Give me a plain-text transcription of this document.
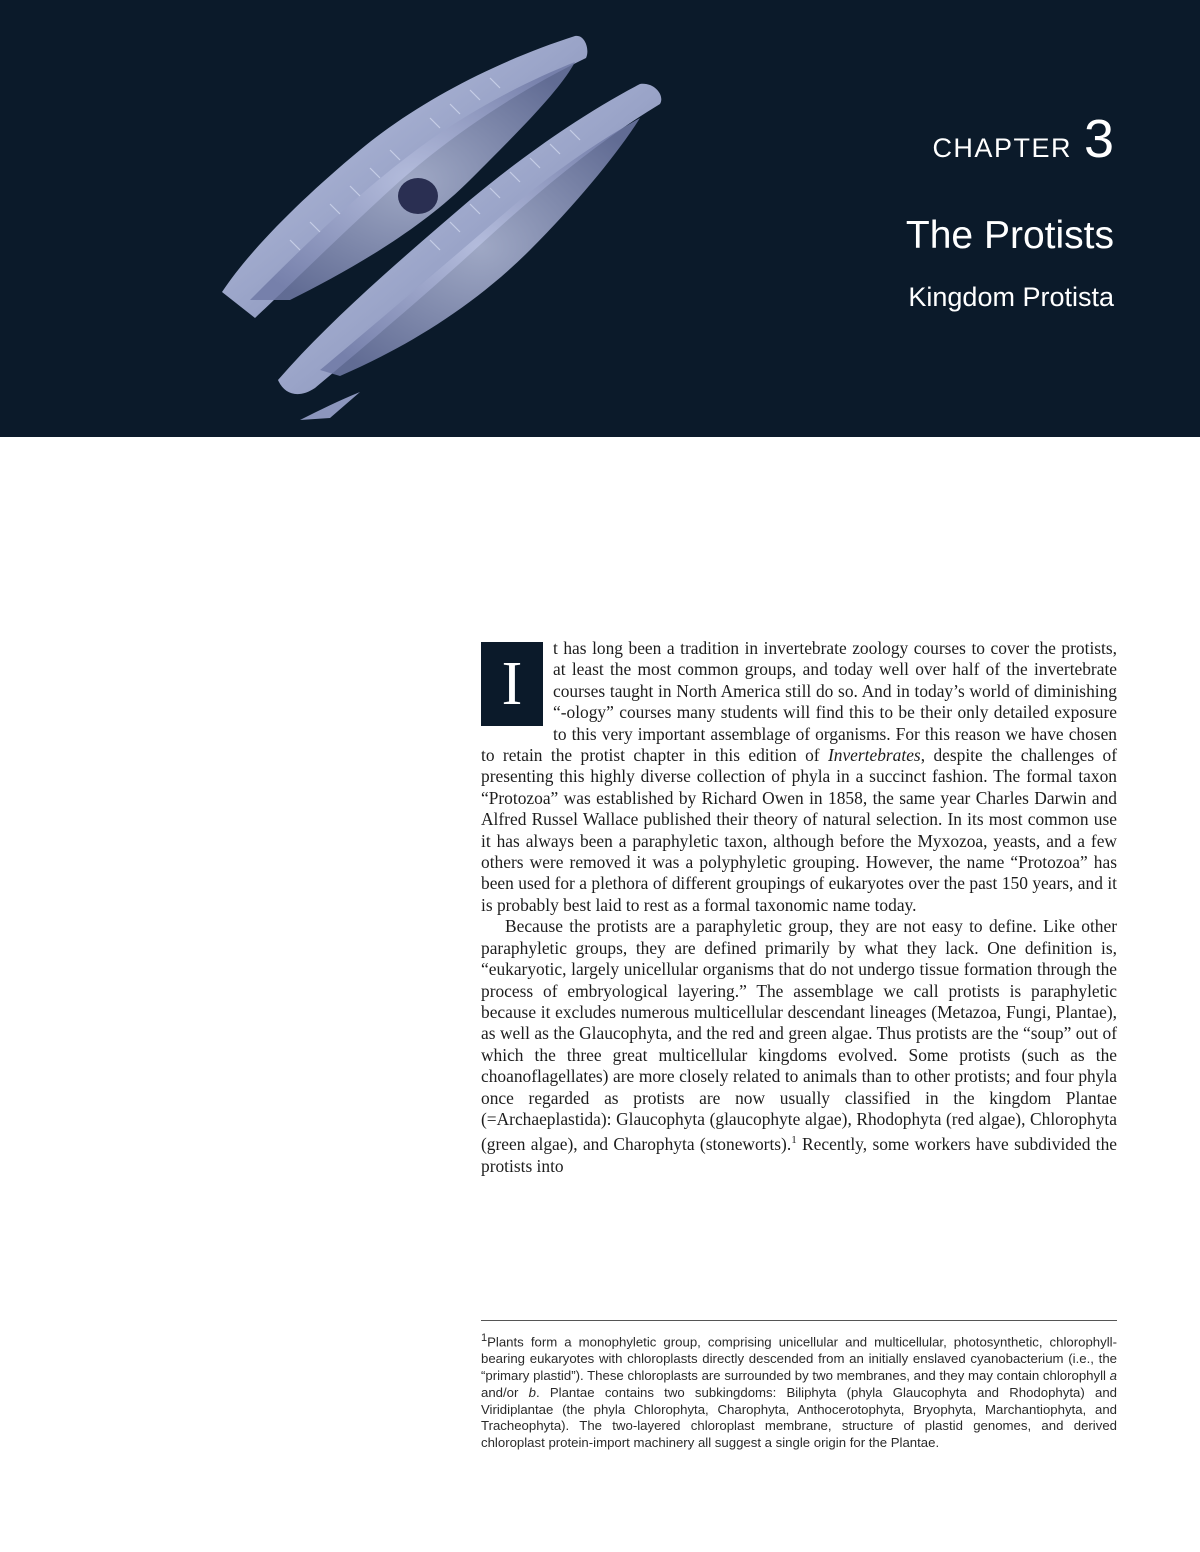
CHAPTER 3
The Protists
Kingdom Protista

I
t has long been a tradition in invertebrate zoology courses to cover the protists, at least the most common groups, and today well over half of the invertebrate courses taught in North America still do so. And in today’s world of diminishing “-ology” courses many students will find this to be their only detailed exposure to this very important assemblage of organisms. For this reason we have chosen to retain the protist chapter in this edition of Invertebrates, despite the challenges of presenting this highly diverse collection of phyla in a succinct fashion. The formal taxon “Protozoa” was established by Richard Owen in 1858, the same year Charles Darwin and Alfred Russel Wallace published their theory of natural selection. In its most common use it has always been a paraphyletic taxon, although before the Myxozoa, yeasts, and a few others were removed it was a polyphyletic grouping. However, the name “Protozoa” has been used for a plethora of different groupings of eukaryotes over the past 150 years, and it is probably best laid to rest as a formal taxonomic name today.

Because the protists are a paraphyletic group, they are not easy to define. Like other paraphyletic groups, they are defined primarily by what they lack. One definition is, “eukaryotic, largely unicellular organisms that do not undergo tissue formation through the process of embryological layering.” The assemblage we call protists is paraphyletic because it excludes numerous multicellular descendant lineages (Metazoa, Fungi, Plantae), as well as the Glaucophyta, and the red and green algae. Thus protists are the “soup” out of which the three great multicellular kingdoms evolved. Some protists (such as the choanoflagellates) are more closely related to animals than to other protists; and four phyla once regarded as protists are now usually classified in the kingdom Plantae (=Archaeplastida): Glaucophyta (glaucophyte algae), Rhodophyta (red algae), Chlorophyta (green algae), and Charophyta (stoneworts).$^1$ Recently, some workers have subdivided the protists into

$^1$Plants form a monophyletic group, comprising unicellular and multicellular, photosynthetic, chlorophyll-bearing eukaryotes with chloroplasts directly descended from an initially enslaved cyanobacterium (i.e., the “primary plastid”). These chloroplasts are surrounded by two membranes, and they may contain chlorophyll a and/or b. Plantae contains two subkingdoms: Biliphyta (phyla Glaucophyta and Rhodophyta) and Viridiplantae (the phyla Chlorophyta, Charophyta, Anthocerotophyta, Bryophyta, Marchantiophyta, and Tracheophyta). The two-layered chloroplast membrane, structure of plastid genomes, and derived chloroplast protein-import machinery all suggest a single origin for the Plantae.
